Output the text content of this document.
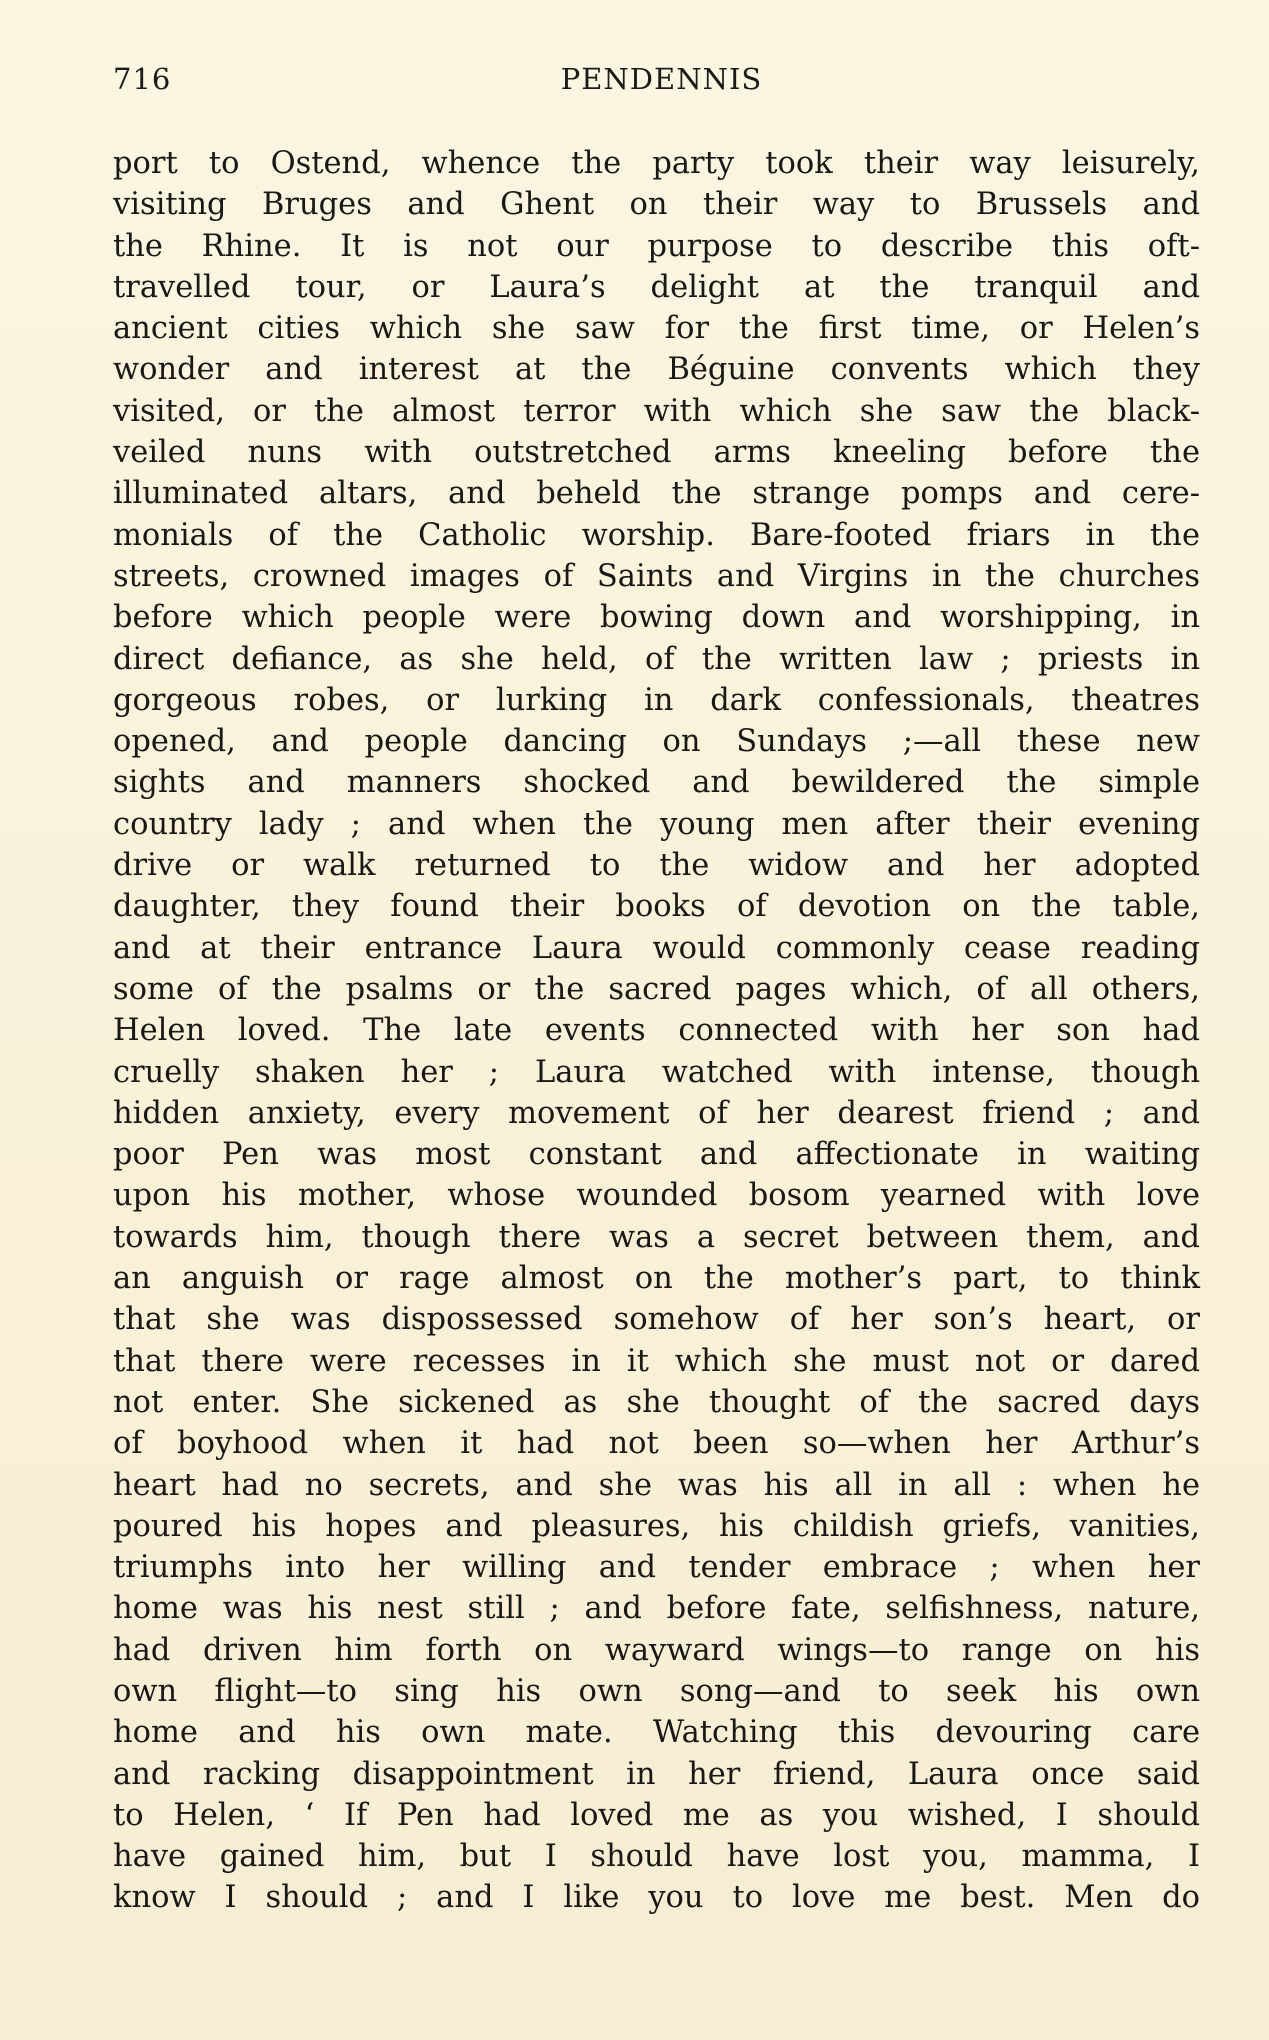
716	PENDENNIS
port to Ostend, whence the party took their way leisurely,
visiting Bruges and Ghent on their way to Brussels and
the Rhine. It is not our purpose to describe this oft-
travelled tour, or Laura’s delight at the tranquil and
ancient cities which she saw for the first time, or Helen’s
wonder and interest at the Béguine convents which they
visited, or the almost terror with which she saw the black-
veiled nuns with outstretched arms kneeling before the
illuminated altars, and beheld the strange pomps and cere-
monials of the Catholic worship. Bare-footed friars in the
streets, crowned images of Saints and Virgins in the churches
before which people were bowing down and worshipping, in
direct defiance, as she held, of the written law ; priests in
gorgeous robes, or lurking in dark confessionals, theatres
opened, and people dancing on Sundays ;—all these new
sights and manners shocked and bewildered the simple
country lady ; and when the young men after their evening
drive or walk returned to the widow and her adopted
daughter, they found their books of devotion on the table,
and at their entrance Laura would commonly cease reading
some of the psalms or the sacred pages which, of all others,
Helen loved. The late events connected with her son had
cruelly shaken her ; Laura watched with intense, though
hidden anxiety, every movement of her dearest friend ; and
poor Pen was most constant and affectionate in waiting
upon his mother, whose wounded bosom yearned with love
towards him, though there was a secret between them, and
an anguish or rage almost on the mother’s part, to think
that she was dispossessed somehow of her son’s heart, or
that there were recesses in it which she must not or dared
not enter. She sickened as she thought of the sacred days
of boyhood when it had not been so—when her Arthur’s
heart had no secrets, and she was his all in all : when he
poured his hopes and pleasures, his childish griefs, vanities,
triumphs into her willing and tender embrace ; when her
home was his nest still ; and before fate, selfishness, nature,
had driven him forth on wayward wings—to range on his
own flight—to sing his own song—and to seek his own
home and his own mate. Watching this devouring care
and racking disappointment in her friend, Laura once said
to Helen, ‘ If Pen had loved me as you wished, I should
have gained him, but I should have lost you, mamma, I
know I should ; and I like you to love me best. Men do
